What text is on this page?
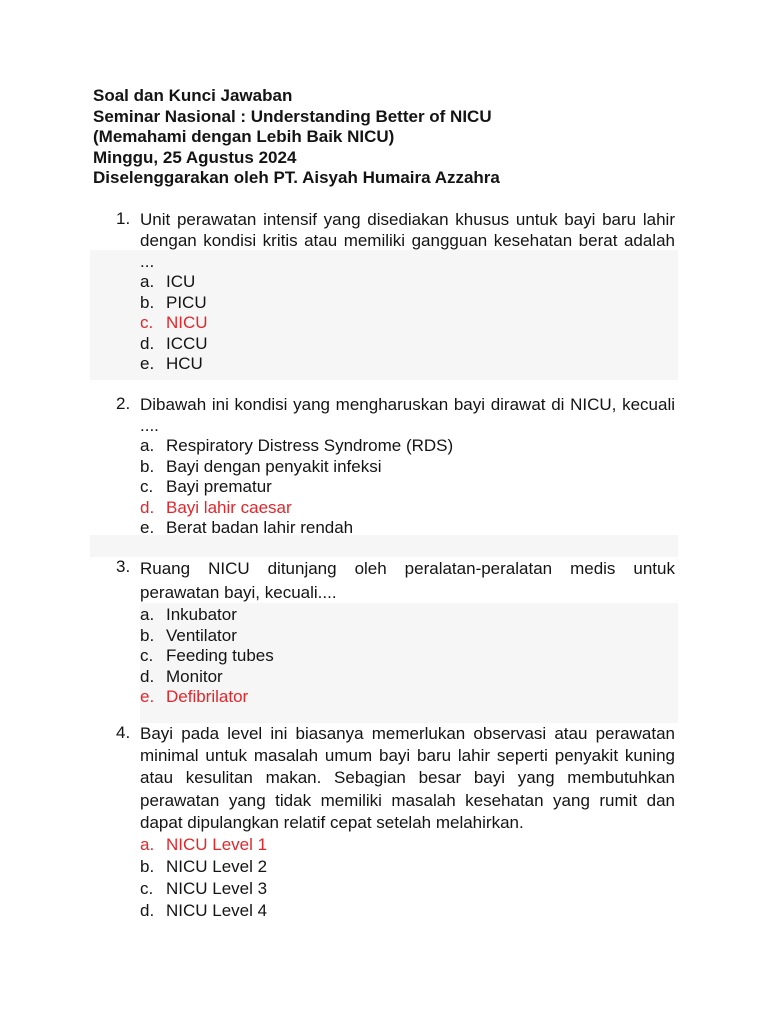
Soal dan Kunci Jawaban
Seminar Nasional : Understanding Better of NICU
(Memahami dengan Lebih Baik NICU)
Minggu, 25 Agustus 2024
Diselenggarakan oleh PT. Aisyah Humaira Azzahra
1. Unit perawatan intensif yang disediakan khusus untuk bayi baru lahir dengan kondisi kritis atau memiliki gangguan kesehatan berat adalah ...
a. ICU
b. PICU
c. NICU
d. ICCU
e. HCU
2. Dibawah ini kondisi yang mengharuskan bayi dirawat di NICU, kecuali ....
a. Respiratory Distress Syndrome (RDS)
b. Bayi dengan penyakit infeksi
c. Bayi prematur
d. Bayi lahir caesar
e. Berat badan lahir rendah
3. Ruang NICU ditunjang oleh peralatan-peralatan medis untuk perawatan bayi, kecuali....
a. Inkubator
b. Ventilator
c. Feeding tubes
d. Monitor
e. Defibrilator
4. Bayi pada level ini biasanya memerlukan observasi atau perawatan minimal untuk masalah umum bayi baru lahir seperti penyakit kuning atau kesulitan makan. Sebagian besar bayi yang membutuhkan perawatan yang tidak memiliki masalah kesehatan yang rumit dan dapat dipulangkan relatif cepat setelah melahirkan.
a. NICU Level 1
b. NICU Level 2
c. NICU Level 3
d. NICU Level 4
